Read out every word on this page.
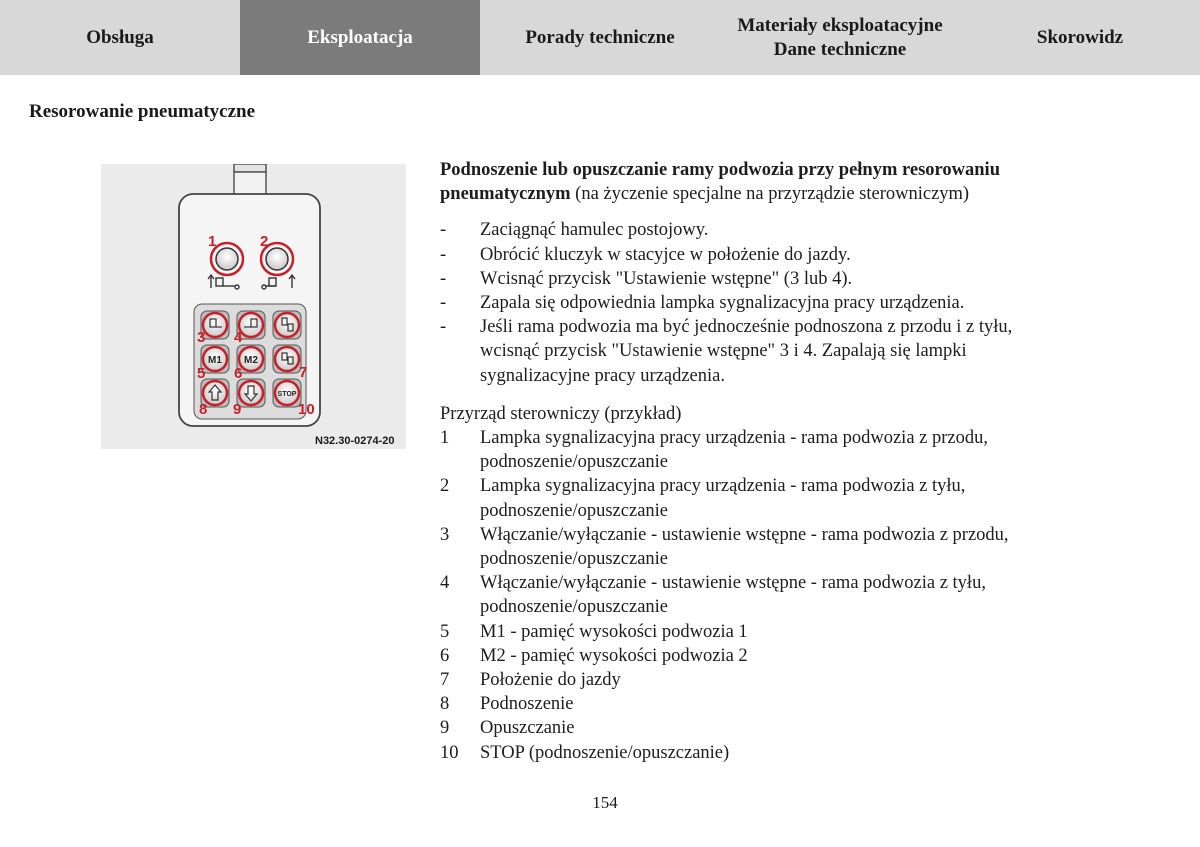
Obsługa	Eksploatacja	Porady techniczne
Materiały eksploatacyjne
Dane techniczne
Skorowidz
Resorowanie pneumatyczne
M1 M2
STOP
1	2
3 4
5 6	7
8 9	10
N32.30-0274-20

Podnoszenie lub opuszczanie ramy podwozia przy pełnym resorowaniu pneumatycznym (na życzenie specjalne na przyrządzie sterowniczym)

-	Zaciągnąć hamulec postojowy.
-	Obrócić kluczyk w stacyjce w położenie do jazdy.
-	Wcisnąć przycisk "Ustawienie wstępne" (3 lub 4).
-	Zapala się odpowiednia lampka sygnalizacyjna pracy urządzenia.
-	Jeśli rama podwozia ma być jednocześnie podnoszona z przodu i z tyłu, wcisnąć przycisk "Ustawienie wstępne" 3 i 4. Zapalają się lampki sygnalizacyjne pracy urządzenia.
Przyrząd sterowniczy (przykład)
1	Lampka sygnalizacyjna pracy urządzenia - rama podwozia z przodu, podnoszenie/opuszczanie
2	Lampka sygnalizacyjna pracy urządzenia - rama podwozia z tyłu, podnoszenie/opuszczanie
3	Włączanie/wyłączanie - ustawienie wstępne - rama podwozia z przodu, podnoszenie/opuszczanie
4	Włączanie/wyłączanie - ustawienie wstępne - rama podwozia z tyłu, podnoszenie/opuszczanie
5	M1 - pamięć wysokości podwozia 1
6	M2 - pamięć wysokości podwozia 2
7	Położenie do jazdy
8	Podnoszenie
9	Opuszczanie
10	STOP (podnoszenie/opuszczanie)
154
